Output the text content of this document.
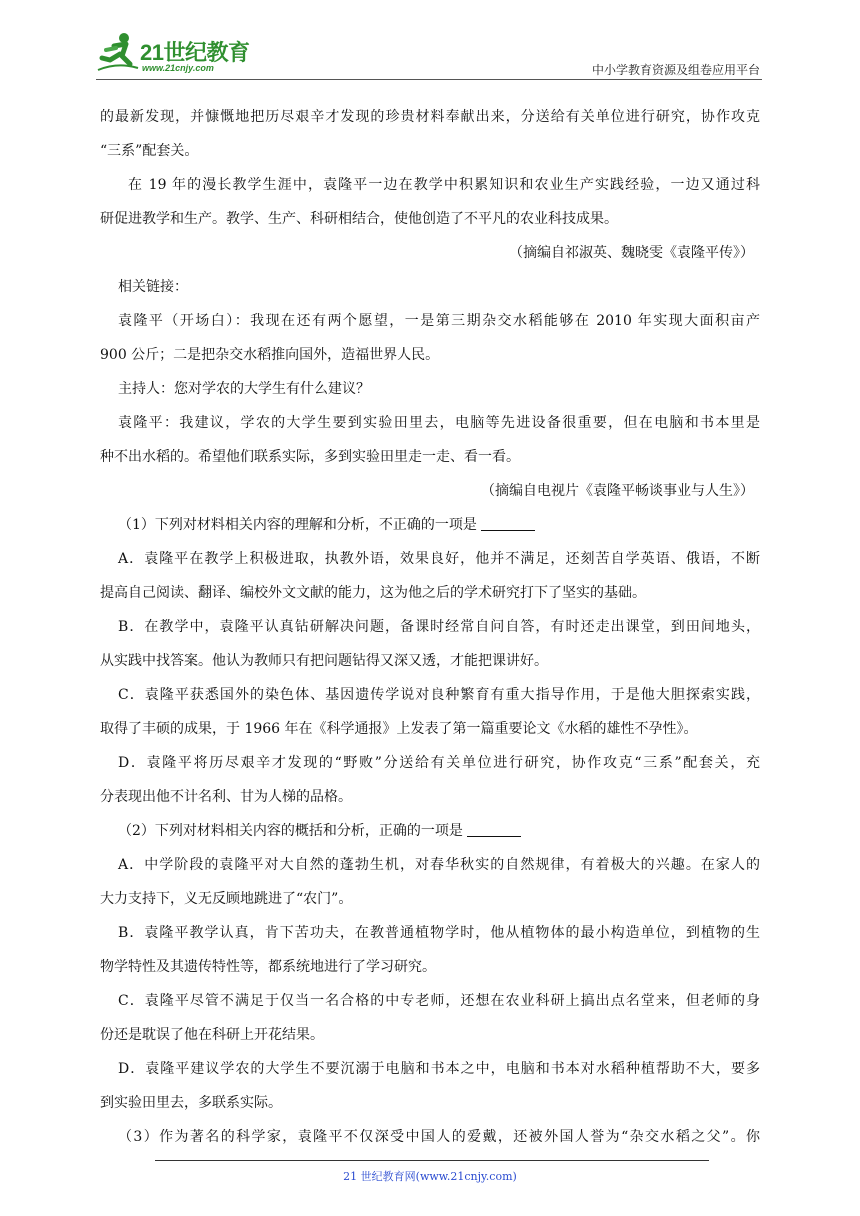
21世纪教育
www.21cnjy.com	中小学教育资源及组卷应用平台
的最新发现，并慷慨地把历尽艰辛才发现的珍贵材料奉献出来，分送给有关单位进行研究，协作攻克
“三系”配套关。
在 19 年的漫长教学生涯中，袁隆平一边在教学中积累知识和农业生产实践经验，一边又通过科
研促进教学和生产。教学、生产、科研相结合，使他创造了不平凡的农业科技成果。
（摘编自祁淑英、魏晓雯《袁隆平传》）
相关链接：
袁隆平（开场白）：我现在还有两个愿望，一是第三期杂交水稻能够在 2010 年实现大面积亩产
900 公斤；二是把杂交水稻推向国外，造福世界人民。
主持人：您对学农的大学生有什么建议？
袁隆平：我建议，学农的大学生要到实验田里去，电脑等先进设备很重要，但在电脑和书本里是
种不出水稻的。希望他们联系实际，多到实验田里走一走、看一看。
（摘编自电视片《袁隆平畅谈事业与人生》）
（1）下列对材料相关内容的理解和分析，不正确的一项是
A．袁隆平在教学上积极进取，执教外语，效果良好，他并不满足，还刻苦自学英语、俄语，不断
提高自己阅读、翻译、编校外文文献的能力，这为他之后的学术研究打下了坚实的基础。
B．在教学中，袁隆平认真钻研解决问题，备课时经常自问自答，有时还走出课堂，到田间地头，
从实践中找答案。他认为教师只有把问题钻得又深又透，才能把课讲好。
C．袁隆平获悉国外的染色体、基因遗传学说对良种繁育有重大指导作用，于是他大胆探索实践，
取得了丰硕的成果，于 1966 年在《科学通报》上发表了第一篇重要论文《水稻的雄性不孕性》。
D．袁隆平将历尽艰辛才发现的“野败”分送给有关单位进行研究，协作攻克“三系”配套关，充
分表现出他不计名利、甘为人梯的品格。
（2）下列对材料相关内容的概括和分析，正确的一项是
A．中学阶段的袁隆平对大自然的蓬勃生机，对春华秋实的自然规律，有着极大的兴趣。在家人的
大力支持下，义无反顾地跳进了“农门”。
B．袁隆平教学认真，肯下苦功夫，在教普通植物学时，他从植物体的最小构造单位，到植物的生
物学特性及其遗传特性等，都系统地进行了学习研究。
C．袁隆平尽管不满足于仅当一名合格的中专老师，还想在农业科研上搞出点名堂来，但老师的身
份还是耽误了他在科研上开花结果。
D．袁隆平建议学农的大学生不要沉溺于电脑和书本之中，电脑和书本对水稻种植帮助不大，要多
到实验田里去，多联系实际。
（3）作为著名的科学家，袁隆平不仅深受中国人的爱戴，还被外国人誉为“杂交水稻之父”。你
21 世纪教育网(www.21cnjy.com)
